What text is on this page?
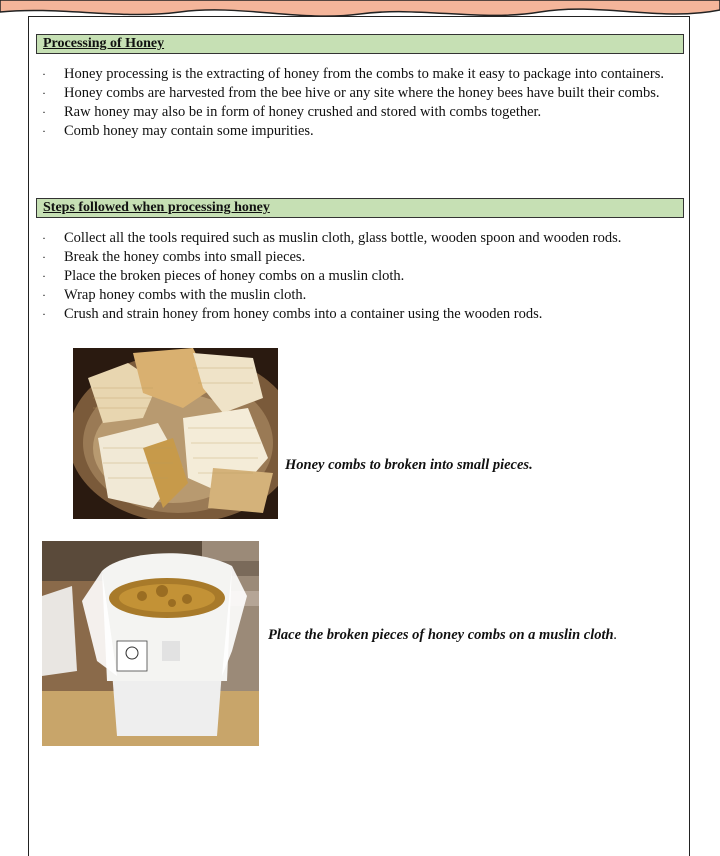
Processing of Honey
· Honey processing is the extracting of honey from the combs to make it easy to package into containers.
· Honey combs are harvested from the bee hive or any site where the honey bees have built their combs.
· Raw honey may also be in form of honey crushed and stored with combs together.
· Comb honey may contain some impurities.
Steps followed when processing honey
· Collect all the tools required such as muslin cloth, glass bottle, wooden spoon and wooden rods.
· Break the honey combs into small pieces.
· Place the broken pieces of honey combs on a muslin cloth.
· Wrap honey combs with the muslin cloth.
· Crush and strain honey from honey combs into a container using the wooden rods.
Honey combs to broken into small pieces.
Place the broken pieces of honey combs on a muslin cloth.
